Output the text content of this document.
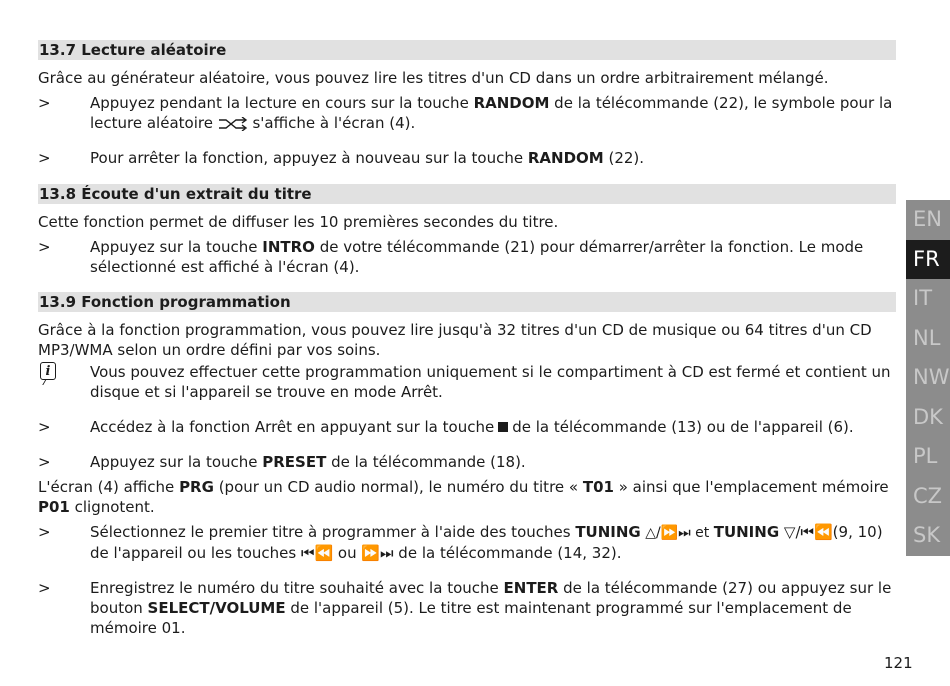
13.7 Lecture aléatoire

Grâce au générateur aléatoire, vous pouvez lire les titres d'un CD dans un ordre arbitrairement mélangé.

>	Appuyez pendant la lecture en cours sur la touche RANDOM de la télécommande (22), le symbole pour la lecture aléatoire  s'affiche à l'écran (4).
>	Pour arrêter la fonction, appuyez à nouveau sur la touche RANDOM (22).
13.8 Écoute d'un extrait du titre

Cette fonction permet de diffuser les 10 premières secondes du titre.

>	Appuyez sur la touche INTRO de votre télécommande (21) pour démarrer/arrêter la fonction. Le mode sélectionné est affiché à l'écran (4).
13.9 Fonction programmation

Grâce à la fonction programmation, vous pouvez lire jusqu'à 32 titres d'un CD de musique ou 64 titres d'un CD MP3/WMA selon un ordre défini par vos soins.

i
Vous pouvez effectuer cette programmation uniquement si le compartiment à CD est fermé et contient un disque et si l'appareil se trouve en mode Arrêt.
>	Accédez à la fonction Arrêt en appuyant sur la touche de la télécommande (13) ou de l'appareil (6).
>	Appuyez sur la touche PRESET de la télécommande (18).

L'écran (4) affiche PRG (pour un CD audio normal), le numéro du titre « T01 » ainsi que l'emplacement mémoire P01 clignotent.

>	Sélectionnez le premier titre à programmer à l'aide des touches TUNING △/⏩⏭ et TUNING ▽/⏮⏪(9, 10) de l'appareil ou les touches ⏮⏪ ou ⏩⏭ de la télécommande (14, 32).
>	Enregistrez le numéro du titre souhaité avec la touche ENTER de la télécommande (27) ou appuyez sur le bouton SELECT/VOLUME de l'appareil (5). Le titre est maintenant programmé sur l'emplacement de mémoire 01.
EN
FR
IT
NL
NW
DK
PL
CZ
SK
121
